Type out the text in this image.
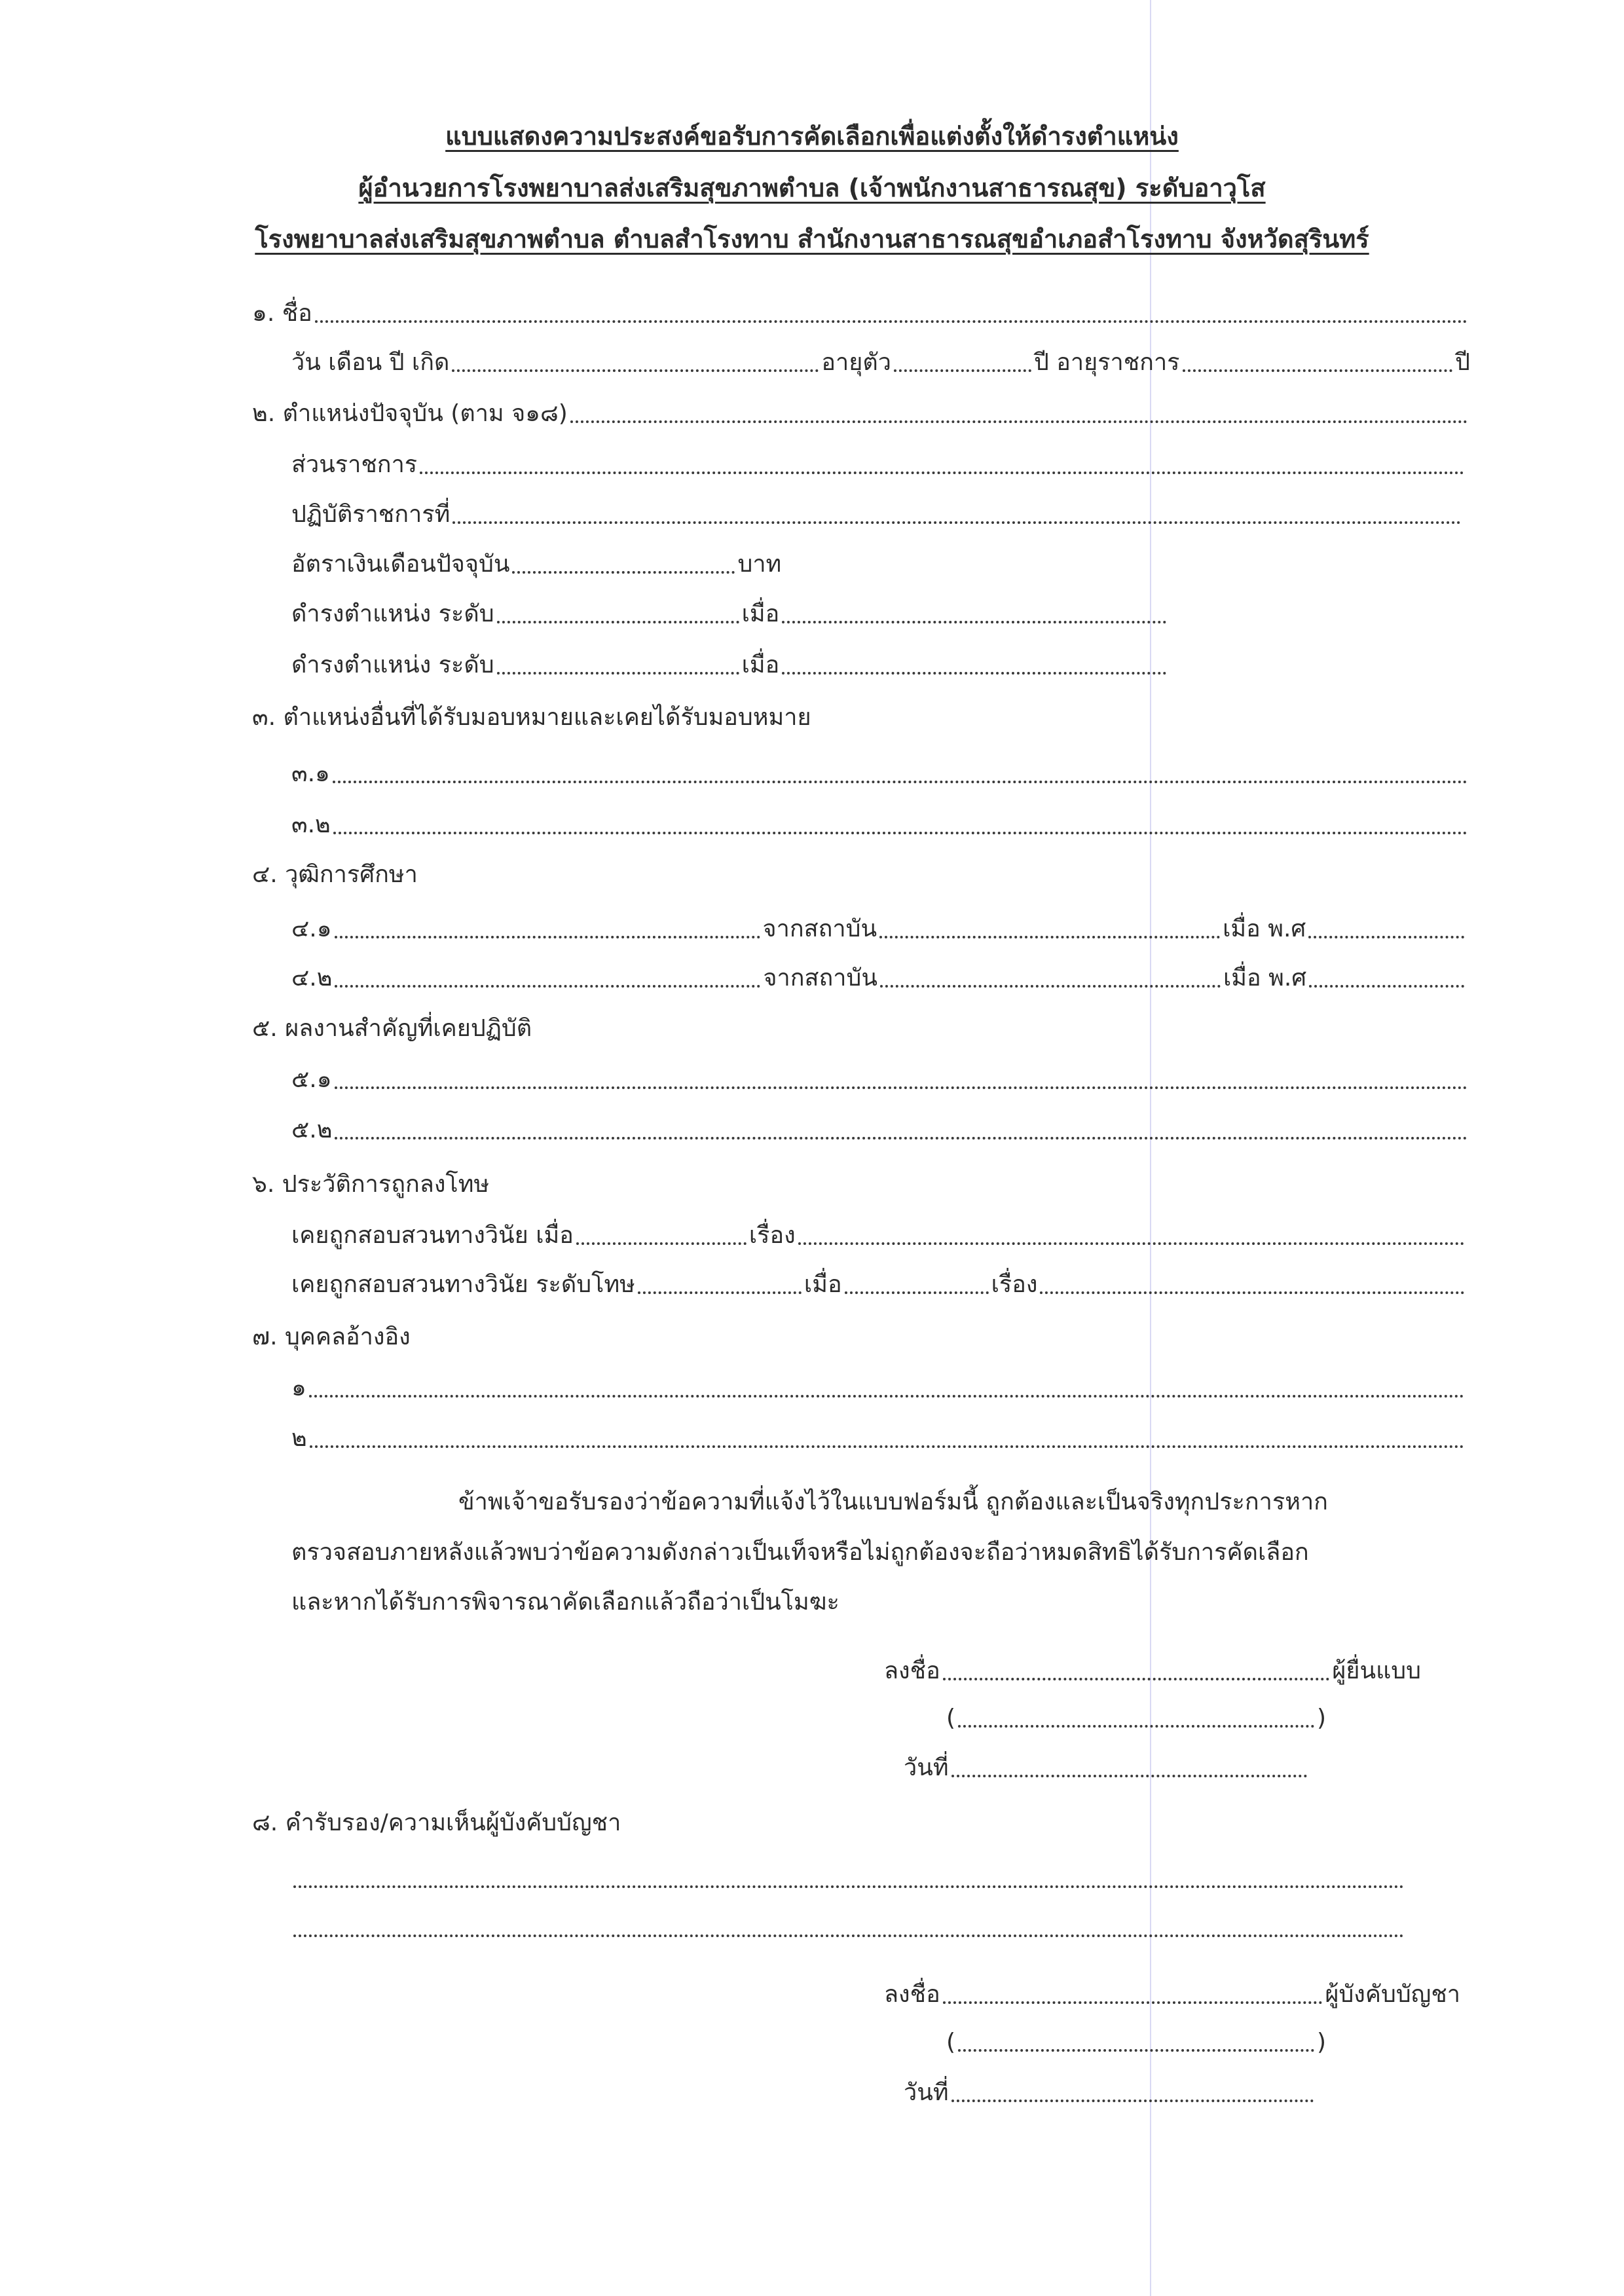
แบบแสดงความประสงค์ขอรับการคัดเลือกเพื่อแต่งตั้งให้ดำรงตำแหน่ง
ผู้อำนวยการโรงพยาบาลส่งเสริมสุขภาพตำบล (เจ้าพนักงานสาธารณสุข) ระดับอาวุโส
โรงพยาบาลส่งเสริมสุขภาพตำบล ตำบลสำโรงทาบ สำนักงานสาธารณสุขอำเภอสำโรงทาบ จังหวัดสุรินทร์
๑. ชื่อ
วัน เดือน ปี เกิด	อายุตัว	ปี อายุราชการ	ปี
๒. ตำแหน่งปัจจุบัน (ตาม จ๑๘)
ส่วนราชการ
ปฏิบัติราชการที่
อัตราเงินเดือนปัจจุบัน	บาท
ดำรงตำแหน่ง ระดับ	เมื่อ
ดำรงตำแหน่ง ระดับ	เมื่อ
๓. ตำแหน่งอื่นที่ได้รับมอบหมายและเคยได้รับมอบหมาย
๓.๑
๓.๒
๔. วุฒิการศึกษา
๔.๑	จากสถาบัน	เมื่อ พ.ศ
๔.๒	จากสถาบัน	เมื่อ พ.ศ
๕. ผลงานสำคัญที่เคยปฏิบัติ
๕.๑
๕.๒
๖. ประวัติการถูกลงโทษ
เคยถูกสอบสวนทางวินัย เมื่อ	เรื่อง
เคยถูกสอบสวนทางวินัย ระดับโทษ	เมื่อ	เรื่อง
๗. บุคคลอ้างอิง
๑
๒
ข้าพเจ้าขอรับรองว่าข้อความที่แจ้งไว้ในแบบฟอร์มนี้ ถูกต้องและเป็นจริงทุกประการหาก
ตรวจสอบภายหลังแล้วพบว่าข้อความดังกล่าวเป็นเท็จหรือไม่ถูกต้องจะถือว่าหมดสิทธิได้รับการคัดเลือก
และหากได้รับการพิจารณาคัดเลือกแล้วถือว่าเป็นโมฆะ
ลงชื่อ	ผู้ยื่นแบบ
(	)
วันที่
๘. คำรับรอง/ความเห็นผู้บังคับบัญชา
ลงชื่อ	ผู้บังคับบัญชา
(	)
วันที่
